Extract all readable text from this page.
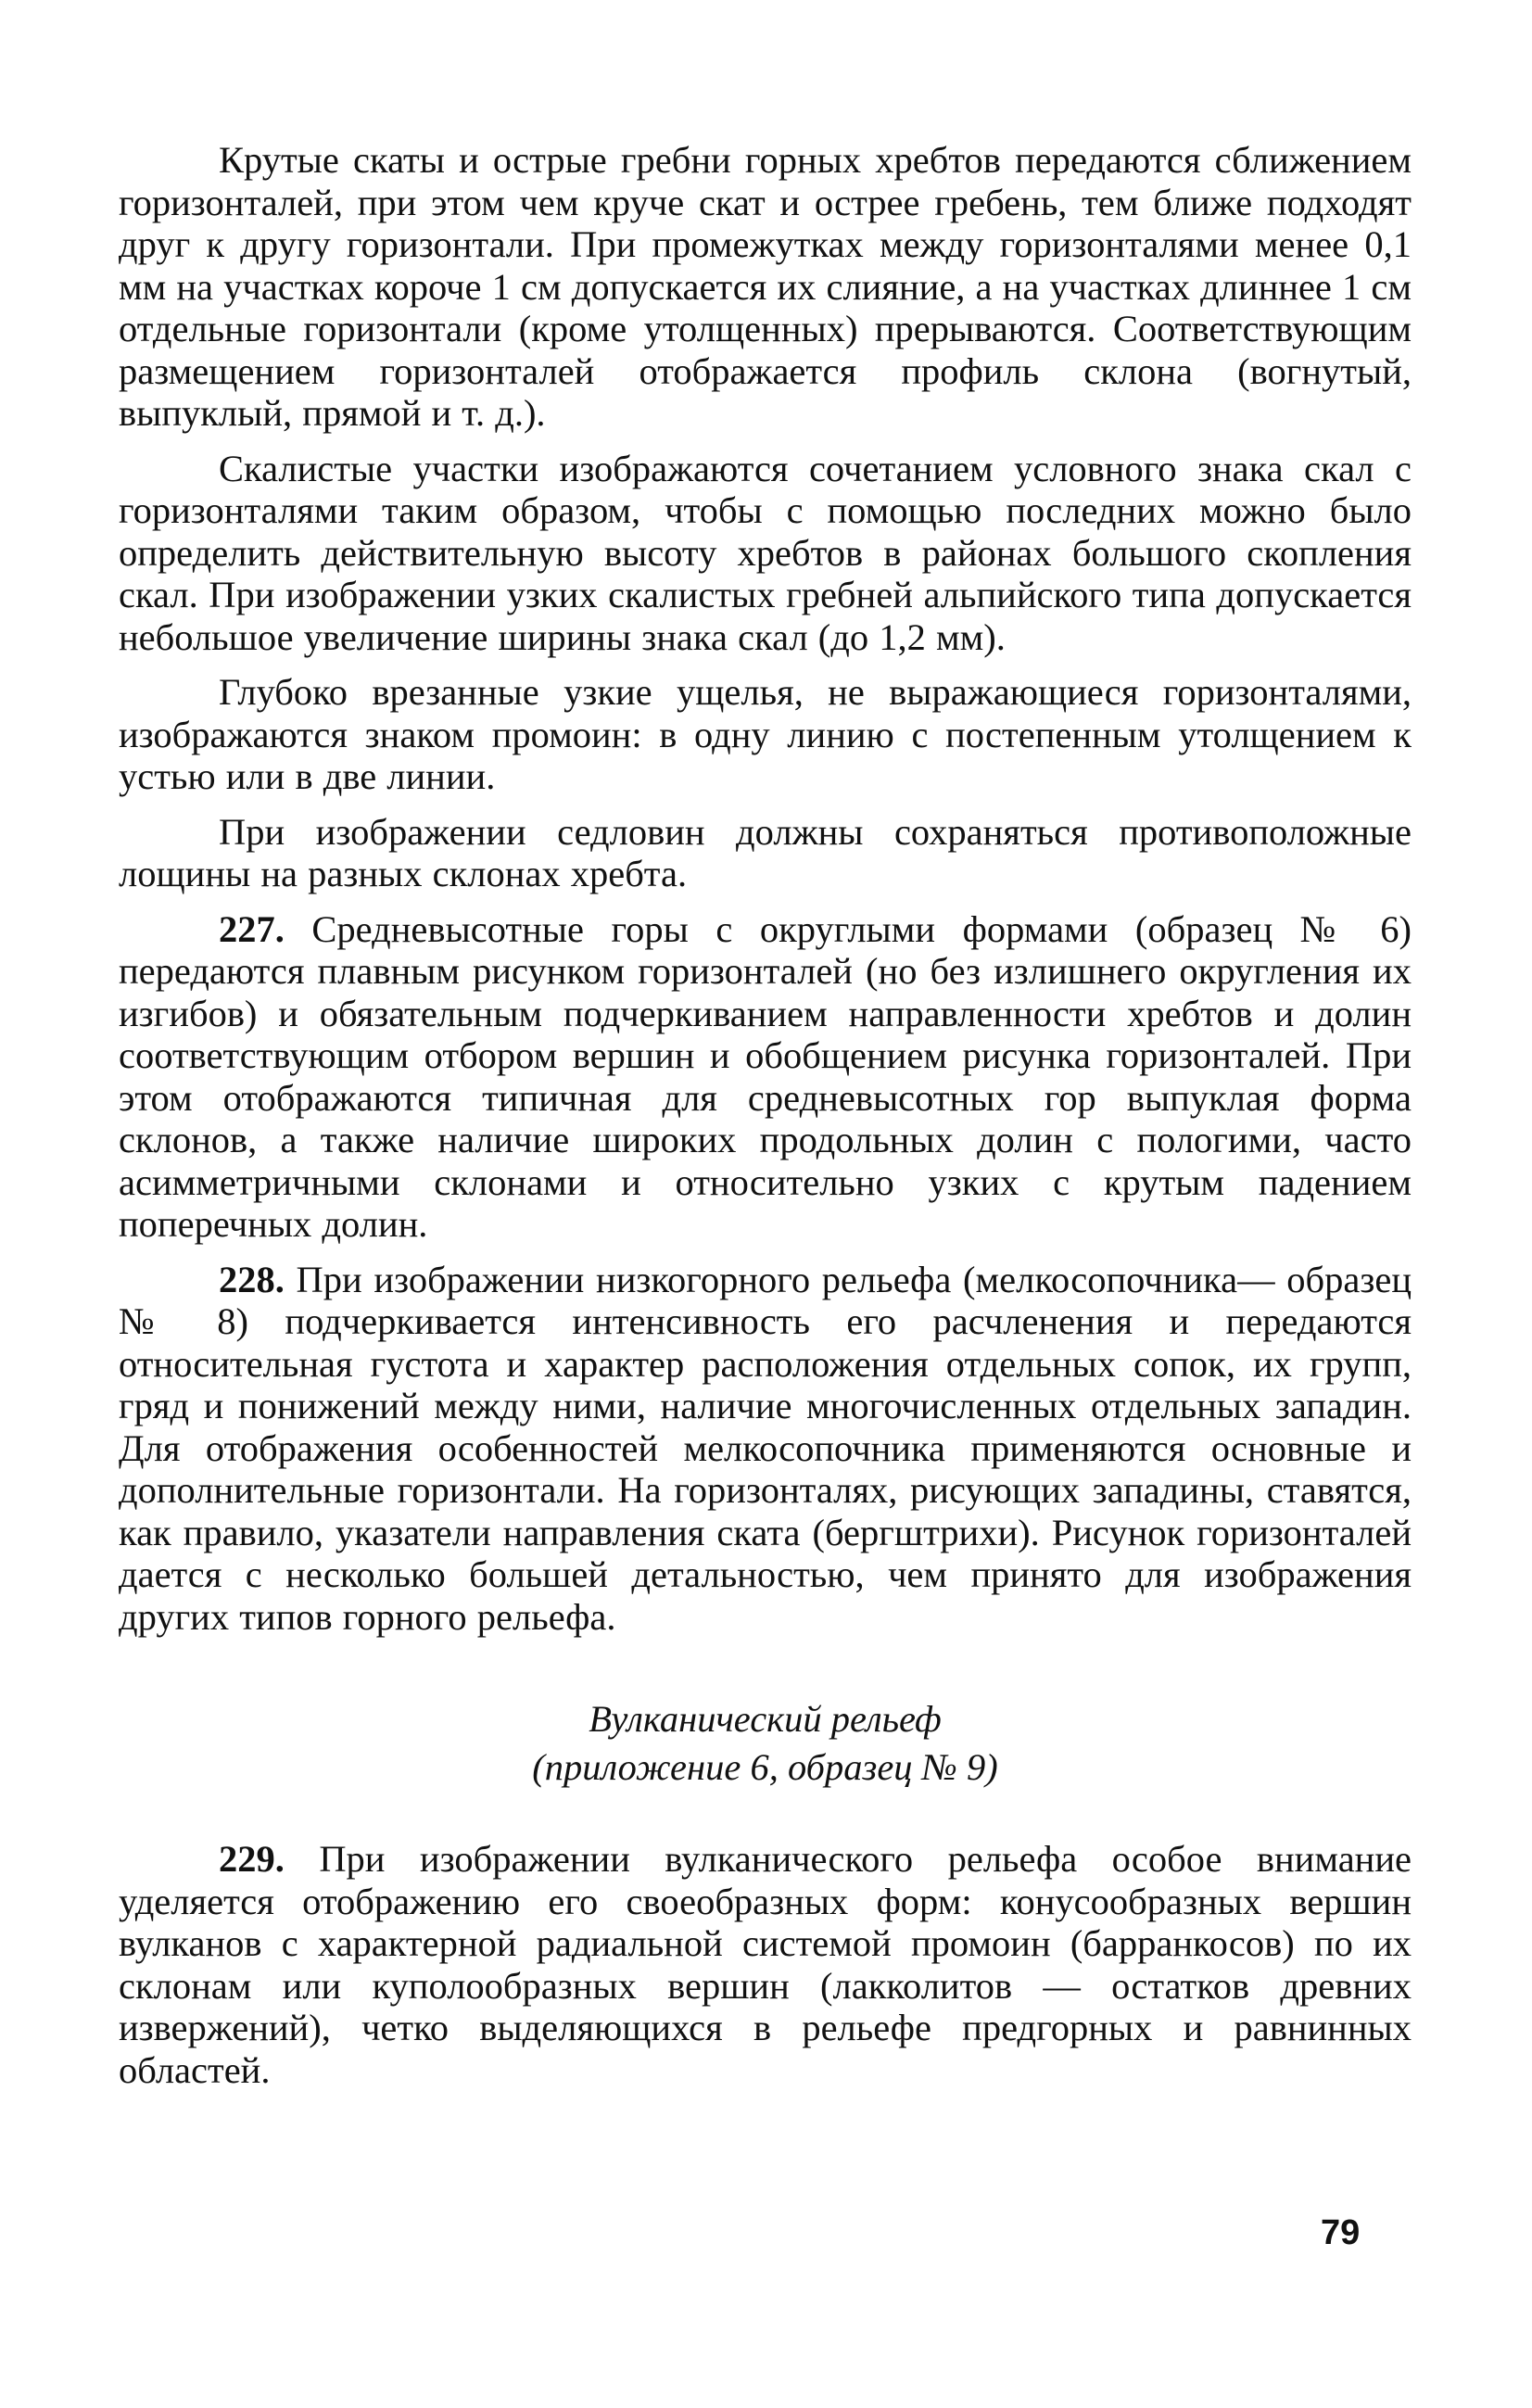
Крутые скаты и острые гребни горных хребтов передаются сближением горизонталей, при этом чем круче скат и острее гребень, тем ближе подходят друг к другу горизонтали. При промежутках между горизонталями менее 0,1 мм на участках короче 1 см допускается их слияние, а на участках длиннее 1 см отдельные горизонтали (кроме утолщенных) прерываются. Соответствующим размещением горизонталей отображается профиль склона (вогнутый, выпуклый, прямой и т. д.).

Скалистые участки изображаются сочетанием условного знака скал с горизонталями таким образом, чтобы с помощью последних можно было определить действительную высоту хребтов в районах большого скопления скал. При изображении узких скалистых гребней альпийского типа допускается небольшое увеличение ширины знака скал (до 1,2 мм).

Глубоко врезанные узкие ущелья, не выражающиеся горизонталями, изображаются знаком промоин: в одну линию с постепенным утолщением к устью или в две линии.

При изображении седловин должны сохраняться противоположные лощины на разных склонах хребта.

227. Средневысотные горы с округлыми формами (образец № 6) передаются плавным рисунком горизонталей (но без излишнего округления их изгибов) и обязательным подчеркиванием направленности хребтов и долин соответствующим отбором вершин и обобщением рисунка горизонталей. При этом отображаются типичная для средневысотных гор выпуклая форма склонов, а также наличие широких продольных долин с пологими, часто асимметричными склонами и относительно узких с крутым падением поперечных долин.

228. При изображении низкогорного рельефа (мелкосопочника— образец № 8) подчеркивается интенсивность его расчленения и передаются относительная густота и характер расположения отдельных сопок, их групп, гряд и понижений между ними, наличие многочисленных отдельных западин. Для отображения особенностей мелкосопочника применяются основные и дополнительные горизонтали. На горизонталях, рисующих западины, ставятся, как правило, указатели направления ската (бергштрихи). Рисунок горизонталей дается с несколько большей детальностью, чем принято для изображения других типов горного рельефа.

Вулканический рельеф
(приложение 6, образец № 9)

229. При изображении вулканического рельефа особое внимание уделяется отображению его своеобразных форм: конусообразных вершин вулканов с характерной радиальной системой промоин (барранкосов) по их склонам или куполообразных вершин (лакколитов — остатков древних извержений), четко выделяющихся в рельефе предгорных и равнинных областей.

79
